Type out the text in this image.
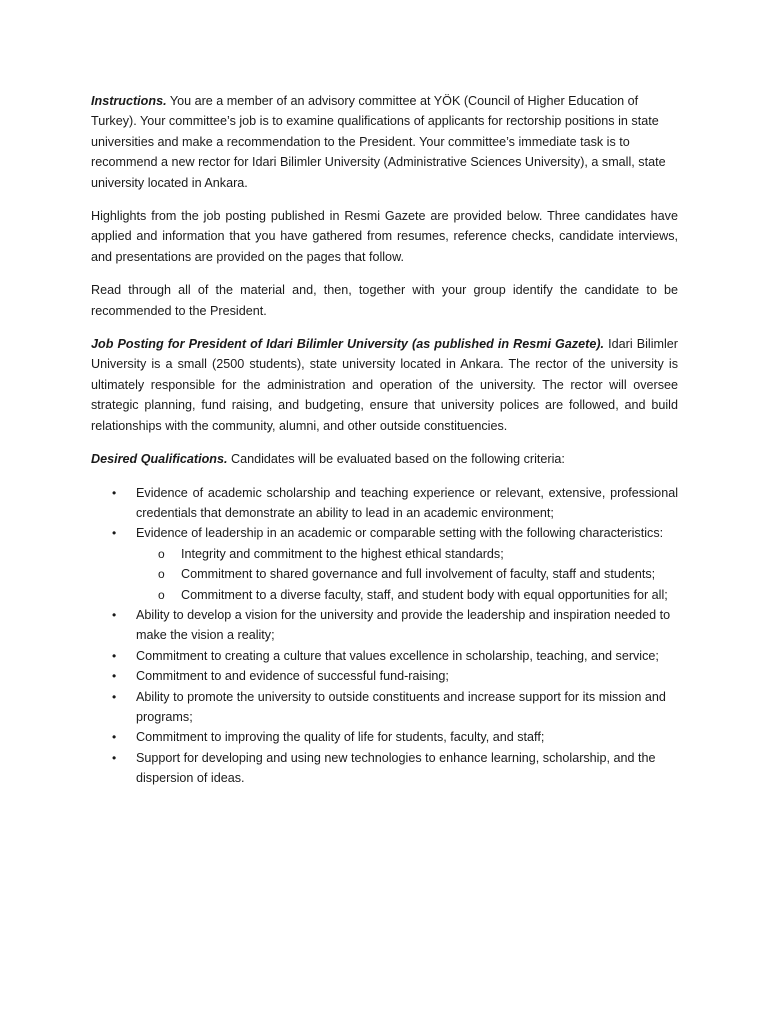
Instructions. You are a member of an advisory committee at YÖK (Council of Higher Education of Turkey). Your committee’s job is to examine qualifications of applicants for rectorship positions in state universities and make a recommendation to the President. Your committee’s immediate task is to recommend a new rector for Idari Bilimler University (Administrative Sciences University), a small, state university located in Ankara.

Highlights from the job posting published in Resmi Gazete are provided below. Three candidates have applied and information that you have gathered from resumes, reference checks, candidate interviews, and presentations are provided on the pages that follow.

Read through all of the material and, then, together with your group identify the candidate to be recommended to the President.

Job Posting for President of Idari Bilimler University (as published in Resmi Gazete). Idari Bilimler University is a small (2500 students), state university located in Ankara. The rector of the university is ultimately responsible for the administration and operation of the university. The rector will oversee strategic planning, fund raising, and budgeting, ensure that university polices are followed, and build relationships with the community, alumni, and other outside constituencies.

Desired Qualifications. Candidates will be evaluated based on the following criteria:

• Evidence of academic scholarship and teaching experience or relevant, extensive, professional credentials that demonstrate an ability to lead in an academic environment;
• Evidence of leadership in an academic or comparable setting with the following characteristics:
o Integrity and commitment to the highest ethical standards;
o Commitment to shared governance and full involvement of faculty, staff and students;
o Commitment to a diverse faculty, staff, and student body with equal opportunities for all;
• Ability to develop a vision for the university and provide the leadership and inspiration needed to make the vision a reality;
• Commitment to creating a culture that values excellence in scholarship, teaching, and service;
• Commitment to and evidence of successful fund-raising;
• Ability to promote the university to outside constituents and increase support for its mission and programs;
• Commitment to improving the quality of life for students, faculty, and staff;
• Support for developing and using new technologies to enhance learning, scholarship, and the dispersion of ideas.
